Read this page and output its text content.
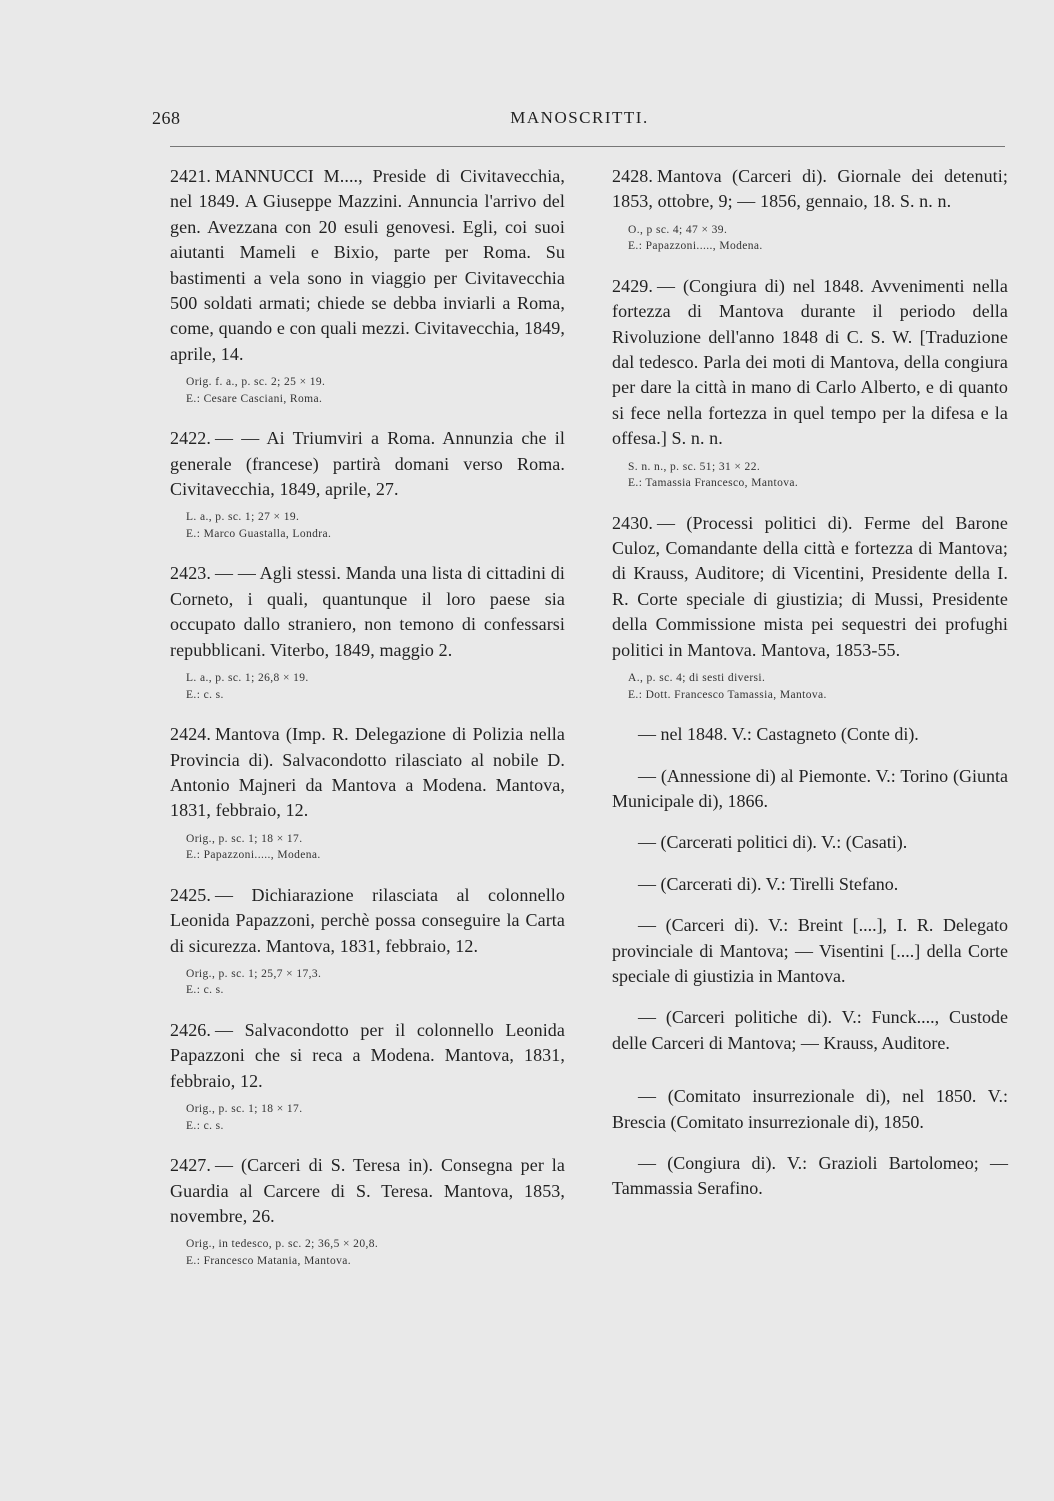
268	MANOSCRITTI.
2421. MANNUCCI M...., Preside di Civitavecchia, nel 1849. A Giuseppe Mazzini. Annuncia l'arrivo del gen. Avezzana con 20 esuli genovesi. Egli, coi suoi aiutanti Mameli e Bixio, parte per Roma. Su bastimenti a vela sono in viaggio per Civitavecchia 500 soldati armati; chiede se debba inviarli a Roma, come, quando e con quali mezzi. Civitavecchia, 1849, aprile, 14.
Orig. f. a., p. sc. 2; 25 × 19.
E.: Cesare Casciani, Roma.
2422. — — Ai Triumviri a Roma. Annunzia che il generale (francese) partirà domani verso Roma. Civitavecchia, 1849, aprile, 27.
L. a., p. sc. 1; 27 × 19.
E.: Marco Guastalla, Londra.
2423. — — Agli stessi. Manda una lista di cittadini di Corneto, i quali, quantunque il loro paese sia occupato dallo straniero, non temono di confessarsi repubblicani. Viterbo, 1849, maggio 2.
L. a., p. sc. 1; 26,8 × 19.
E.: c. s.
2424. Mantova (Imp. R. Delegazione di Polizia nella Provincia di). Salvacondotto rilasciato al nobile D. Antonio Majneri da Mantova a Modena. Mantova, 1831, febbraio, 12.
Orig., p. sc. 1; 18 × 17.
E.: Papazzoni....., Modena.
2425. — Dichiarazione rilasciata al colonnello Leonida Papazzoni, perchè possa conseguire la Carta di sicurezza. Mantova, 1831, febbraio, 12.
Orig., p. sc. 1; 25,7 × 17,3.
E.: c. s.
2426. — Salvacondotto per il colonnello Leonida Papazzoni che si reca a Modena. Mantova, 1831, febbraio, 12.
Orig., p. sc. 1; 18 × 17.
E.: c. s.
2427. — (Carceri di S. Teresa in). Consegna per la Guardia al Carcere di S. Teresa. Mantova, 1853, novembre, 26.
Orig., in tedesco, p. sc. 2; 36,5 × 20,8.
E.: Francesco Matania, Mantova.
2428. Mantova (Carceri di). Giornale dei detenuti; 1853, ottobre, 9; — 1856, gennaio, 18. S. n. n.
O., p sc. 4; 47 × 39.
E.: Papazzoni....., Modena.
2429. — (Congiura di) nel 1848. Avvenimenti nella fortezza di Mantova durante il periodo della Rivoluzione dell'anno 1848 di C. S. W. [Traduzione dal tedesco. Parla dei moti di Mantova, della congiura per dare la città in mano di Carlo Alberto, e di quanto si fece nella fortezza in quel tempo per la difesa e la offesa.] S. n. n.
S. n. n., p. sc. 51; 31 × 22.
E.: Tamassia Francesco, Mantova.
2430. — (Processi politici di). Ferme del Barone Culoz, Comandante della città e fortezza di Mantova; di Krauss, Auditore; di Vicentini, Presidente della I. R. Corte speciale di giustizia; di Mussi, Presidente della Commissione mista pei sequestri dei profughi politici in Mantova. Mantova, 1853-55.
A., p. sc. 4; di sesti diversi.
E.: Dott. Francesco Tamassia, Mantova.
— nel 1848. V.: Castagneto (Conte di).
— (Annessione di) al Piemonte. V.: Torino (Giunta Municipale di), 1866.
— (Carcerati politici di). V.: (Casati).
— (Carcerati di). V.: Tirelli Stefano.
— (Carceri di). V.: Breint [....], I. R. Delegato provinciale di Mantova; — Visentini [....] della Corte speciale di giustizia in Mantova.
— (Carceri politiche di). V.: Funck...., Custode delle Carceri di Mantova; — Krauss, Auditore.
— (Comitato insurrezionale di), nel 1850. V.: Brescia (Comitato insurrezionale di), 1850.
— (Congiura di). V.: Grazioli Bartolomeo; — Tammassia Serafino.
